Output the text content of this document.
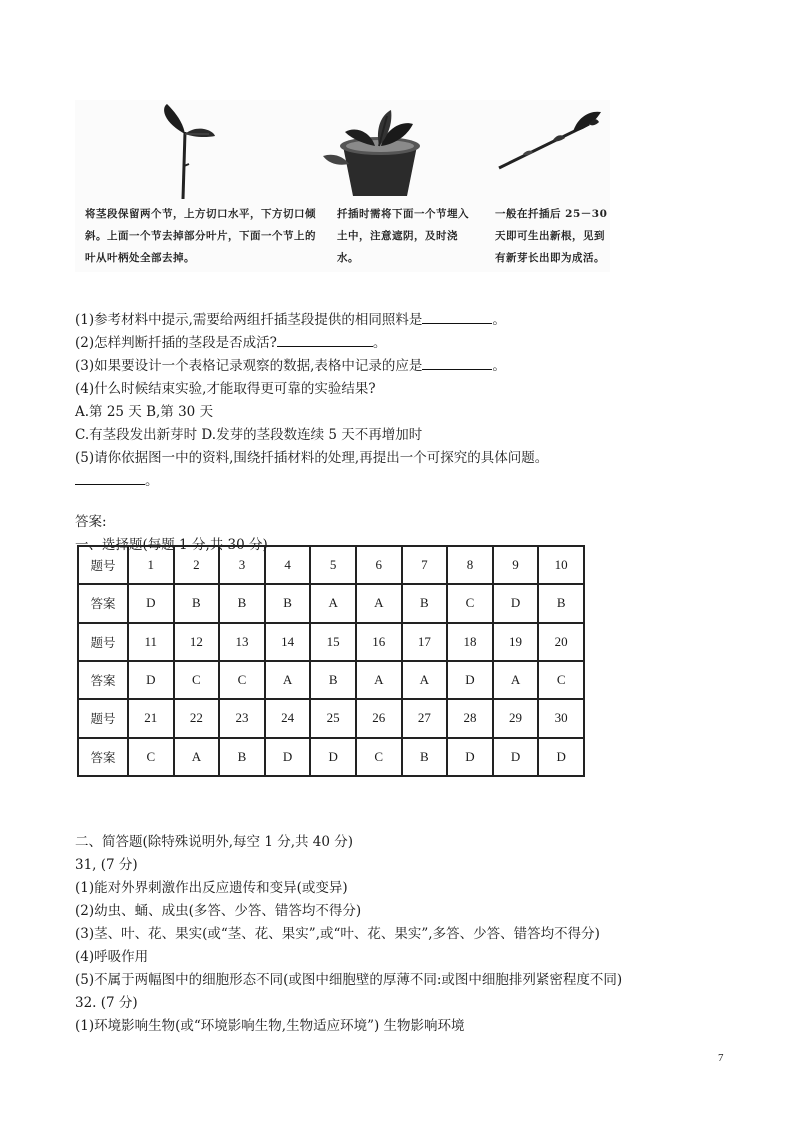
将茎段保留两个节，上方切口水平，下方切口倾斜。上面一个节去掉部分叶片，下面一个节上的叶从叶柄处全部去掉。
扦插时需将下面一个节埋入土中，注意遮阴，及时浇水。
一般在扦插后 25－30 天即可生出新根，见到有新芽长出即为成活。
(1)参考材料中提示,需要给两组扦插茎段提供的相同照料是	。
(2)怎样判断扦插的茎段是否成活?	。
(3)如果要设计一个表格记录观察的数据,表格中记录的应是	。
(4)什么时候结束实验,才能取得更可靠的实验结果?
A.第 25 天 B,第 30 天
C.有茎段发出新芽时 D.发芽的茎段数连续 5 天不再增加时
(5)请你依据图一中的资料,围绕扦插材料的处理,再提出一个可探究的具体问题。
。
答案:
一、选择题(每题 1 分,共 30 分)
题号	1	2	3	4	5	6	7	8	9	10
答案	D	B	B	B	A	A	B	C	D	B
题号	11	12	13	14	15	16	17	18	19	20
答案	D	C	C	A	B	A	A	D	A	C
题号	21	22	23	24	25	26	27	28	29	30
答案	C	A	B	D	D	C	B	D	D	D
二、简答题(除特殊说明外,每空 1 分,共 40 分)
31, (7 分)
(1)能对外界刺激作出反应遗传和变异(或变异)
(2)幼虫、蛹、成虫(多答、少答、错答均不得分)
(3)茎、叶、花、果实(或“茎、花、果实”,或“叶、花、果实”,多答、少答、错答均不得分)
(4)呼吸作用
(5)不属于两幅图中的细胞形态不同(或图中细胞壁的厚薄不同:或图中细胞排列紧密程度不同)
32. (7 分)
(1)环境影响生物(或“环境影响生物,生物适应环境”) 生物影响环境
7
